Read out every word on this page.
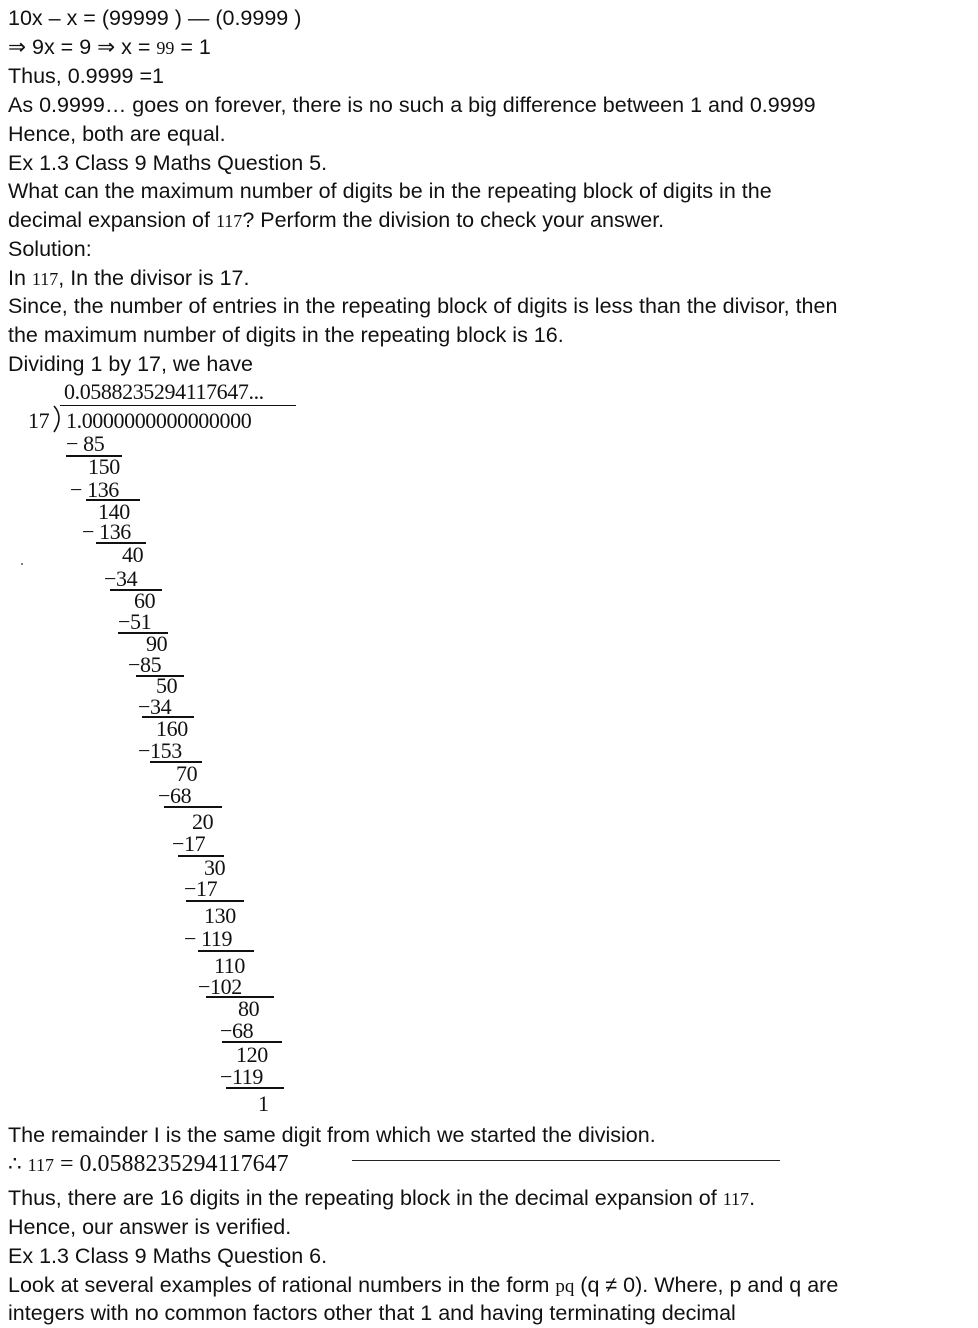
10x – x = (99999 ) — (0.9999 )
⇒ 9x = 9 ⇒ x = 99 = 1
Thus, 0.9999 =1
As 0.9999… goes on forever, there is no such a big difference between 1 and 0.9999
Hence, both are equal.
Ex 1.3 Class 9 Maths Question 5.
What can the maximum number of digits be in the repeating block of digits in the
decimal expansion of 117? Perform the division to check your answer.
Solution:
In 117, In the divisor is 17.
Since, the number of entries in the repeating block of digits is less than the divisor, then
the maximum number of digits in the repeating block is 16.
Dividing 1 by 17, we have
0.0588235294117647...
17 1.0000000000000000
− 85
150
− 136
140
− 136
40
−34
60
−51
90
−85
50
−34
160
−153
70
−68
20
−17
30
−17
130
− 119
110
−102
80
−68
120
−119
1
The remainder I is the same digit from which we started the division.
∴ 117 = 0.0588235294117647
Thus, there are 16 digits in the repeating block in the decimal expansion of 117.
Hence, our answer is verified.
Ex 1.3 Class 9 Maths Question 6.
Look at several examples of rational numbers in the form pq (q ≠ 0). Where, p and q are
integers with no common factors other that 1 and having terminating decimal
